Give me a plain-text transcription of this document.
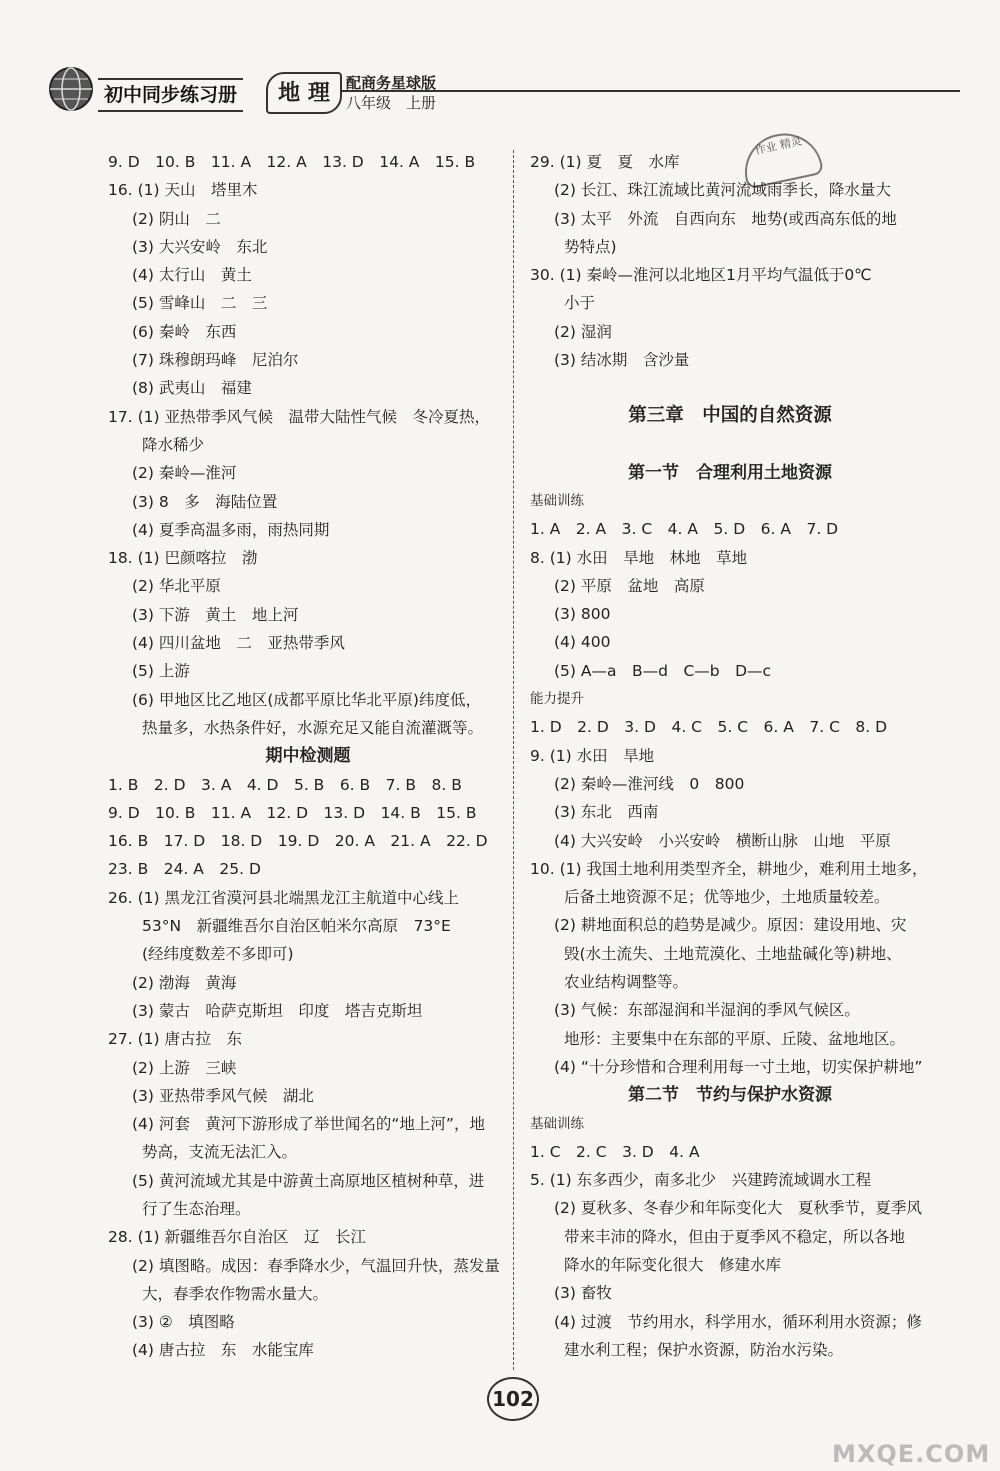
初中同步练习册	地 理	配商务星球版
八年级　上册
作业 精灵
9. D　10. B　11. A　12. A　13. D　14. A　15. B
16. (1) 天山　塔里木
(2) 阴山　二
(3) 大兴安岭　东北
(4) 太行山　黄土
(5) 雪峰山　二　三
(6) 秦岭　东西
(7) 珠穆朗玛峰　尼泊尔
(8) 武夷山　福建
17. (1) 亚热带季风气候　温带大陆性气候　冬冷夏热，
降水稀少
(2) 秦岭—淮河
(3) 8　多　海陆位置
(4) 夏季高温多雨，雨热同期
18. (1) 巴颜喀拉　渤
(2) 华北平原
(3) 下游　黄土　地上河
(4) 四川盆地　二　亚热带季风
(5) 上游
(6) 甲地区比乙地区(成都平原比华北平原)纬度低，
热量多，水热条件好，水源充足又能自流灌溉等。
期中检测题
1. B　2. D　3. A　4. D　5. B　6. B　7. B　8. B
9. D　10. B　11. A　12. D　13. D　14. B　15. B
16. B　17. D　18. D　19. D　20. A　21. A　22. D
23. B　24. A　25. D
26. (1) 黑龙江省漠河县北端黑龙江主航道中心线上
53°N　新疆维吾尔自治区帕米尔高原　73°E
(经纬度数差不多即可)
(2) 渤海　黄海
(3) 蒙古　哈萨克斯坦　印度　塔吉克斯坦
27. (1) 唐古拉　东
(2) 上游　三峡
(3) 亚热带季风气候　湖北
(4) 河套　黄河下游形成了举世闻名的“地上河”，地
势高，支流无法汇入。
(5) 黄河流域尤其是中游黄土高原地区植树种草，进
行了生态治理。
28. (1) 新疆维吾尔自治区　辽　长江
(2) 填图略。成因：春季降水少，气温回升快，蒸发量
大，春季农作物需水量大。
(3) ②　填图略
(4) 唐古拉　东　水能宝库
29. (1) 夏　夏　水库
(2) 长江、珠江流域比黄河流域雨季长，降水量大
(3) 太平　外流　自西向东　地势(或西高东低的地
势特点)
30. (1) 秦岭—淮河以北地区1月平均气温低于0℃
小于
(2) 湿润
(3) 结冰期　含沙量
第三章　中国的自然资源
第一节　合理利用土地资源
基础训练
1. A　2. A　3. C　4. A　5. D　6. A　7. D
8. (1) 水田　旱地　林地　草地
(2) 平原　盆地　高原
(3) 800
(4) 400
(5) A—a　B—d　C—b　D—c
能力提升
1. D　2. D　3. D　4. C　5. C　6. A　7. C　8. D
9. (1) 水田　旱地
(2) 秦岭—淮河线　0　800
(3) 东北　西南
(4) 大兴安岭　小兴安岭　横断山脉　山地　平原
10. (1) 我国土地利用类型齐全，耕地少，难利用土地多，
后备土地资源不足；优等地少，土地质量较差。
(2) 耕地面积总的趋势是减少。原因：建设用地、灾
毁(水土流失、土地荒漠化、土地盐碱化等)耕地、
农业结构调整等。
(3) 气候：东部湿润和半湿润的季风气候区。
地形：主要集中在东部的平原、丘陵、盆地地区。
(4) “十分珍惜和合理利用每一寸土地，切实保护耕地”
第二节　节约与保护水资源
基础训练
1. C　2. C　3. D　4. A
5. (1) 东多西少，南多北少　兴建跨流域调水工程
(2) 夏秋多、冬春少和年际变化大　夏秋季节，夏季风
带来丰沛的降水，但由于夏季风不稳定，所以各地
降水的年际变化很大　修建水库
(3) 畜牧
(4) 过渡　节约用水，科学用水，循环利用水资源；修
建水利工程；保护水资源，防治水污染。
102
MXQE.COM
